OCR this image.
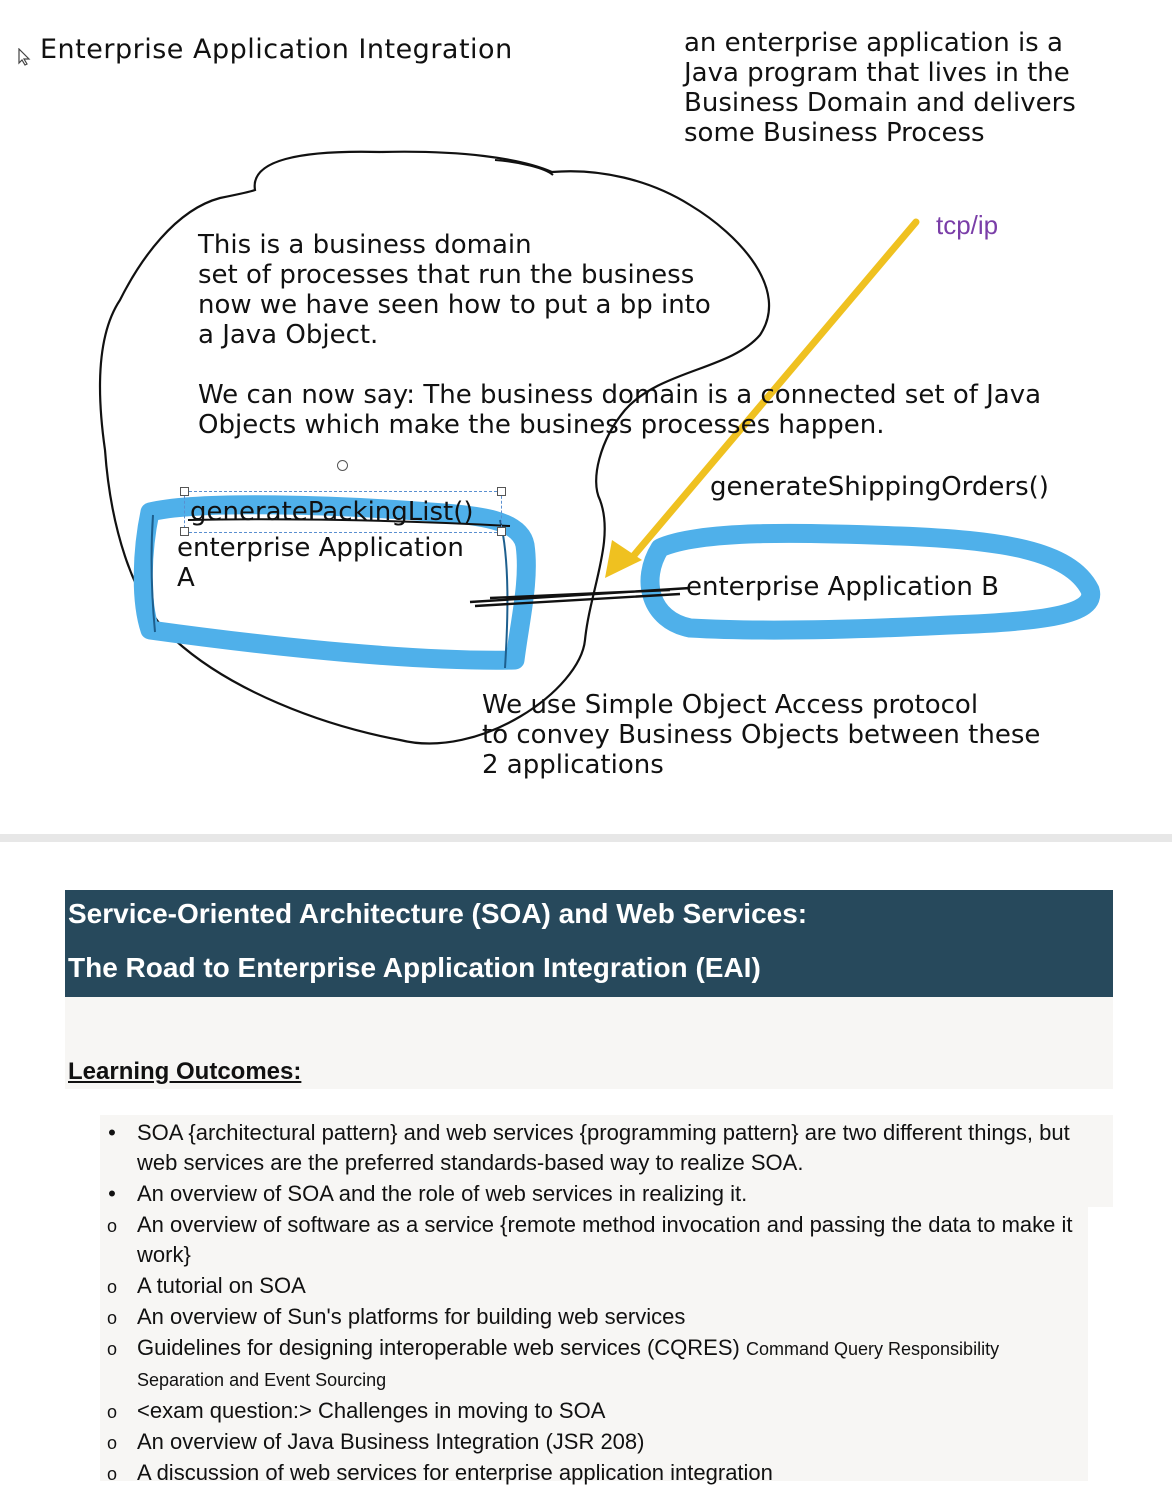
Enterprise Application Integration	an enterprise application is a
Java program that lives in the
Business Domain and delivers
some Business Process
This is a business domain
set of processes that run the business
now we have seen how to put a bp into
a Java Object.

We can now say: The business domain is a connected set of Java
Objects which make the business processes happen.
tcp/ip
generateShippingOrders()
generatePackingList()
enterprise Application
A	enterprise Application B
We use Simple Object Access protocol
to convey Business Objects between these
2 applications
Service-Oriented Architecture (SOA) and Web Services:
The Road to Enterprise Application Integration (EAI)
Learning Outcomes:
•
SOA {architectural pattern} and web services {programming pattern} are two different things, but web services are the preferred standards-based way to realize SOA.
•
An overview of SOA and the role of web services in realizing it.
o
An overview of software as a service {remote method invocation and passing the data to make it work}
o
A tutorial on SOA
o
An overview of Sun's platforms for building web services
o
Guidelines for designing interoperable web services (CQRES) Command Query Responsibility Separation and Event Sourcing
o
<exam question:> Challenges in moving to SOA
o
An overview of Java Business Integration (JSR 208)
o
A discussion of web services for enterprise application integration
